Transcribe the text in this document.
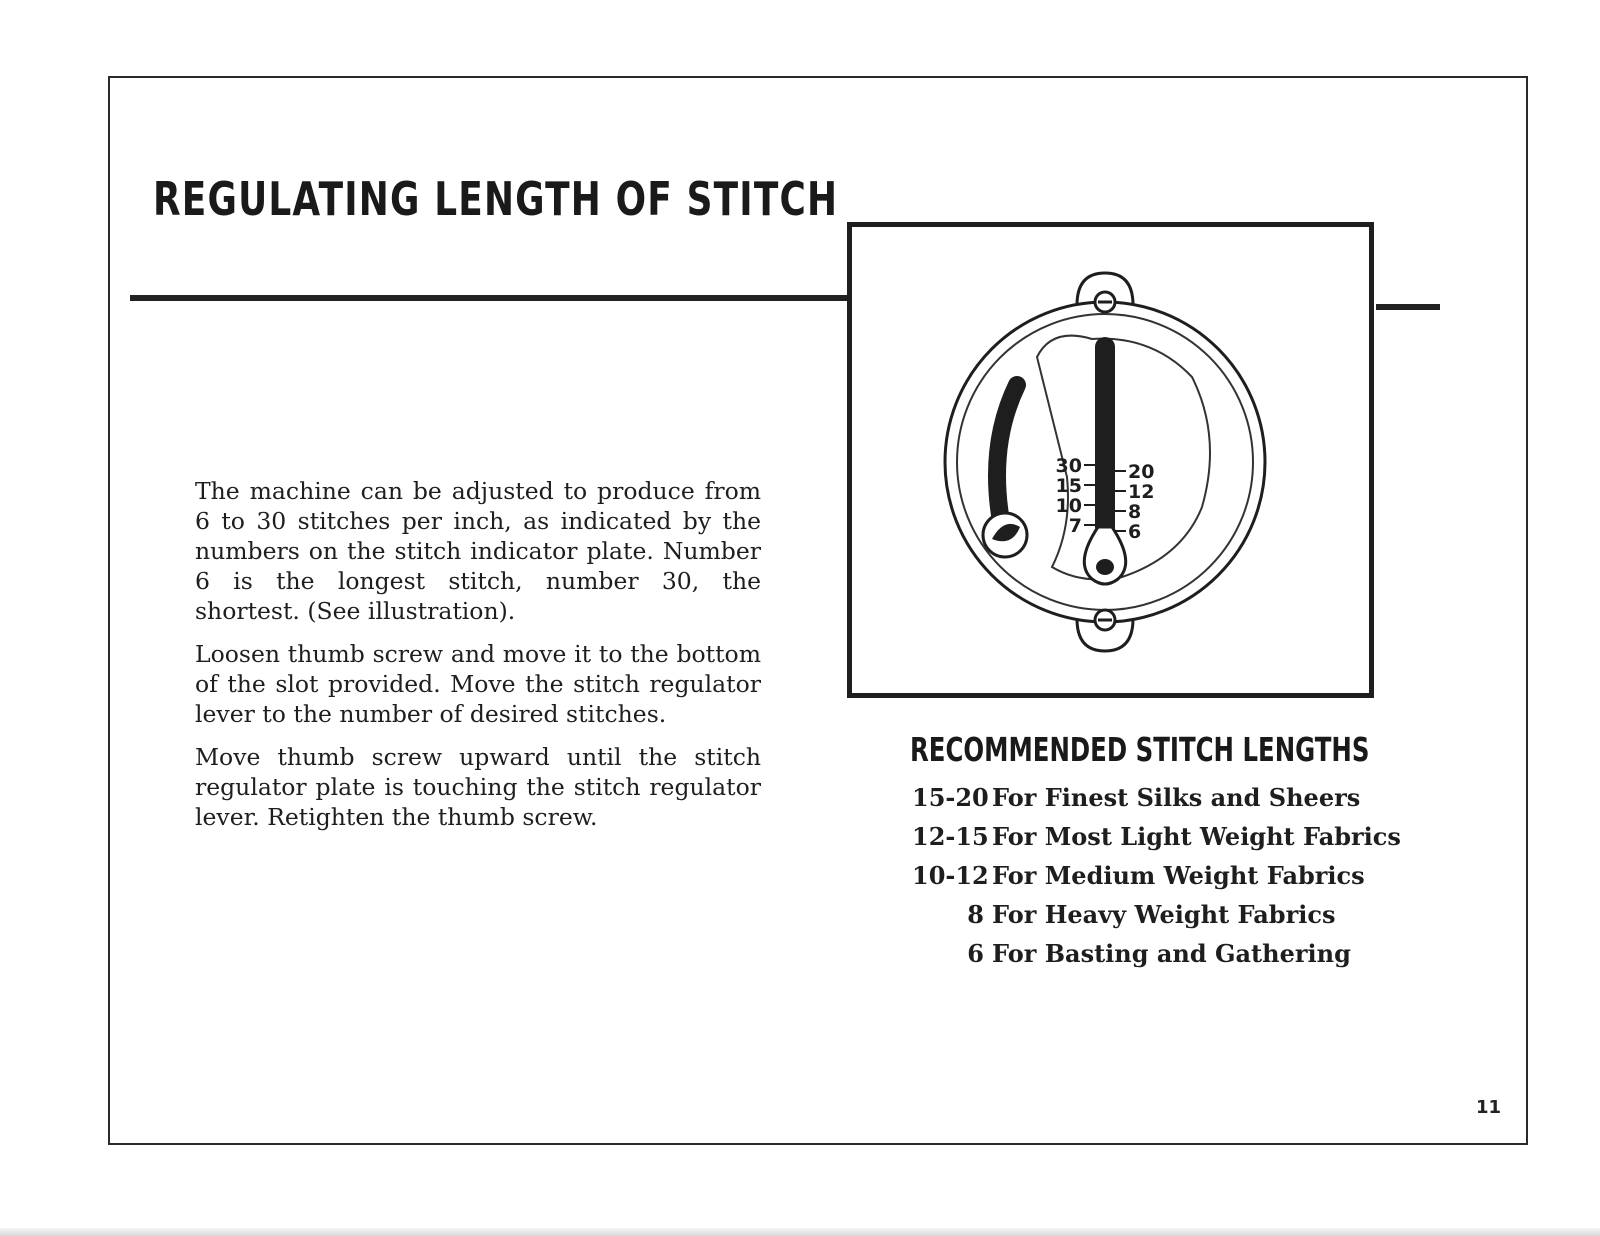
REGULATING LENGTH OF STITCH

The machine can be adjusted to produce from 6 to 30 stitches per inch, as indicated by the numbers on the stitch indicator plate. Number 6 is the longest stitch, number 30, the shortest. (See illustration).

Loosen thumb screw and move it to the bottom of the slot provided. Move the stitch regulator lever to the number of desired stitches.

Move thumb screw upward until the stitch regulator plate is touching the stitch regulator lever. Retighten the thumb screw.

30
15
10
7
20
12
8
6
RECOMMENDED STITCH LENGTHS
15-20 For Finest Silks and Sheers
12-15 For Most Light Weight Fabrics
10-12 For Medium Weight Fabrics
8 For Heavy Weight Fabrics
6 For Basting and Gathering
11
